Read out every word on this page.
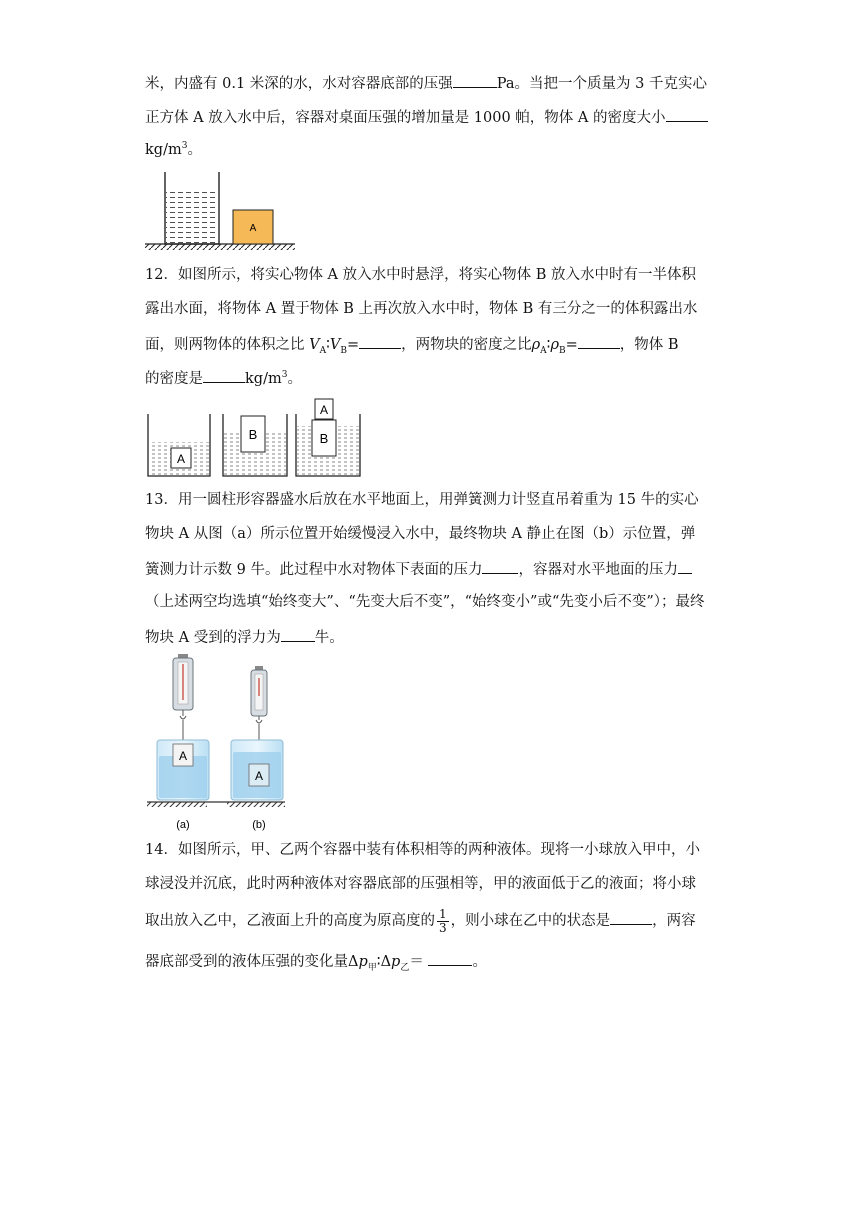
米，内盛有 0.1 米深的水，水对容器底部的压强	Pa。当把一个质量为 3 千克实心
正方体 A 放入水中后，容器对桌面压强的增加量是 1000 帕，物体 A 的密度大小
$kg/m^3$。
A
12．如图所示，将实心物体 A 放入水中时悬浮，将实心物体 B 放入水中时有一半体积
露出水面，将物体 A 置于物体 B 上再次放入水中时，物体 B 有三分之一的体积露出水
面，则两物体的体积之比 $V_A∶V_B=$	，两物块的密度之比$\rho_A∶\rho_B=$	，物体 B
的密度是	$kg/m^3$。
A
B
A
B
13．用一圆柱形容器盛水后放在水平地面上，用弹簧测力计竖直吊着重为 15 牛的实心
物块 A 从图（a）所示位置开始缓慢浸入水中，最终物块 A 静止在图（b）示位置，弹
簧测力计示数 9 牛。此过程中水对物体下表面的压力 ，容器对水平地面的压力
（上述两空均选填“始终变大”、“先变大后不变”，“始终变小”或“先变小后不变”）；最终
物块 A 受到的浮力为 牛。
A
A
(a)	(b)
14．如图所示，甲、乙两个容器中装有体积相等的两种液体。现将一小球放入甲中，小
球浸没并沉底，此时两种液体对容器底部的压强相等，甲的液面低于乙的液面；将小球
取出放入乙中，乙液面上升的高度为原高度的 $\frac{1}{3}$ ，则小球在乙中的状态是	，两容
器底部受到的液体压强的变化量$\Delta p_甲∶\Delta p_乙=$	。
